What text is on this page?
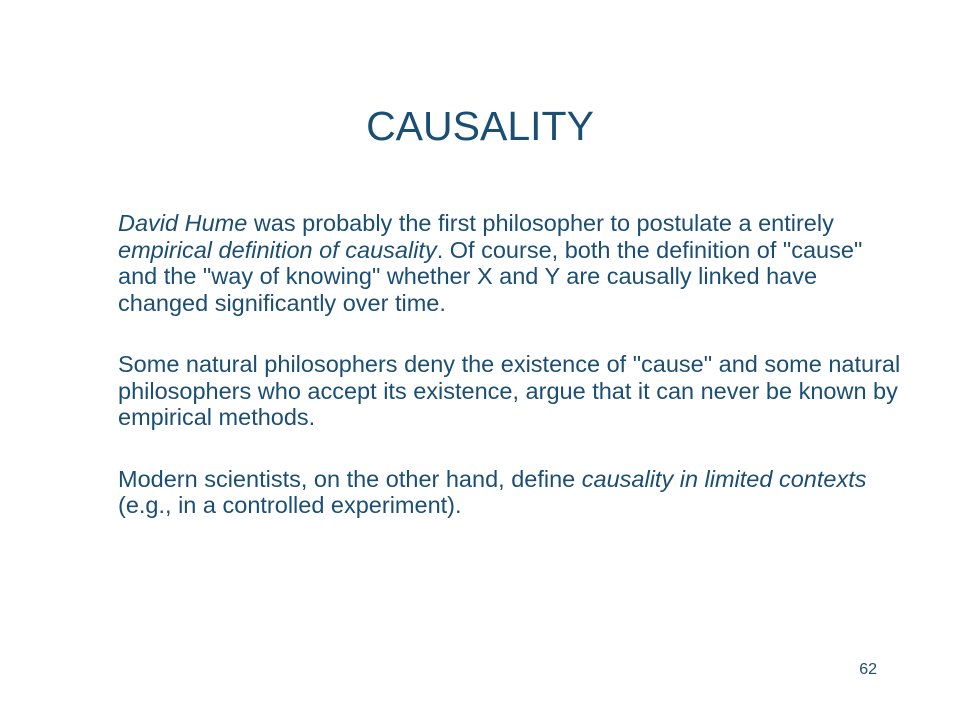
CAUSALITY

David Hume was probably the first philosopher to postulate a entirely empirical definition of causality. Of course, both the definition of "cause" and the "way of knowing" whether X and Y are causally linked have changed significantly over time.

Some natural philosophers deny the existence of "cause" and some natural philosophers who accept its existence, argue that it can never be known by empirical methods.

Modern scientists, on the other hand, define causality in limited contexts (e.g., in a controlled experiment).

62
